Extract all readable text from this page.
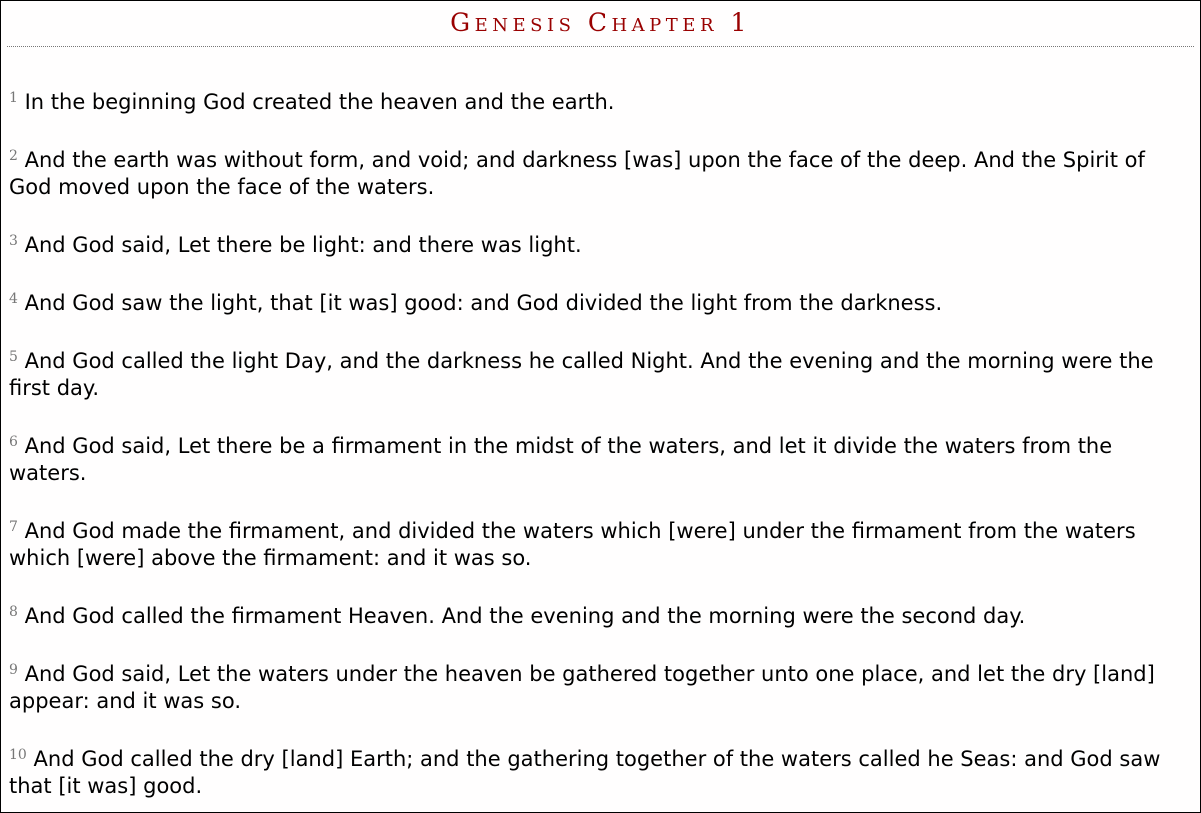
Genesis Chapter 1

$^1$ In the beginning God created the heaven and the earth.

$^2$ And the earth was without form, and void; and darkness [was] upon the face of the deep. And the Spirit of God moved upon the face of the waters.

$^3$ And God said, Let there be light: and there was light.

$^4$ And God saw the light, that [it was] good: and God divided the light from the darkness.

$^5$ And God called the light Day, and the darkness he called Night. And the evening and the morning were the first day.

$^6$ And God said, Let there be a firmament in the midst of the waters, and let it divide the waters from the waters.

$^7$ And God made the firmament, and divided the waters which [were] under the firmament from the waters which [were] above the firmament: and it was so.

$^8$ And God called the firmament Heaven. And the evening and the morning were the second day.

$^9$ And God said, Let the waters under the heaven be gathered together unto one place, and let the dry [land] appear: and it was so.

$^{10}$ And God called the dry [land] Earth; and the gathering together of the waters called he Seas: and God saw that [it was] good.
